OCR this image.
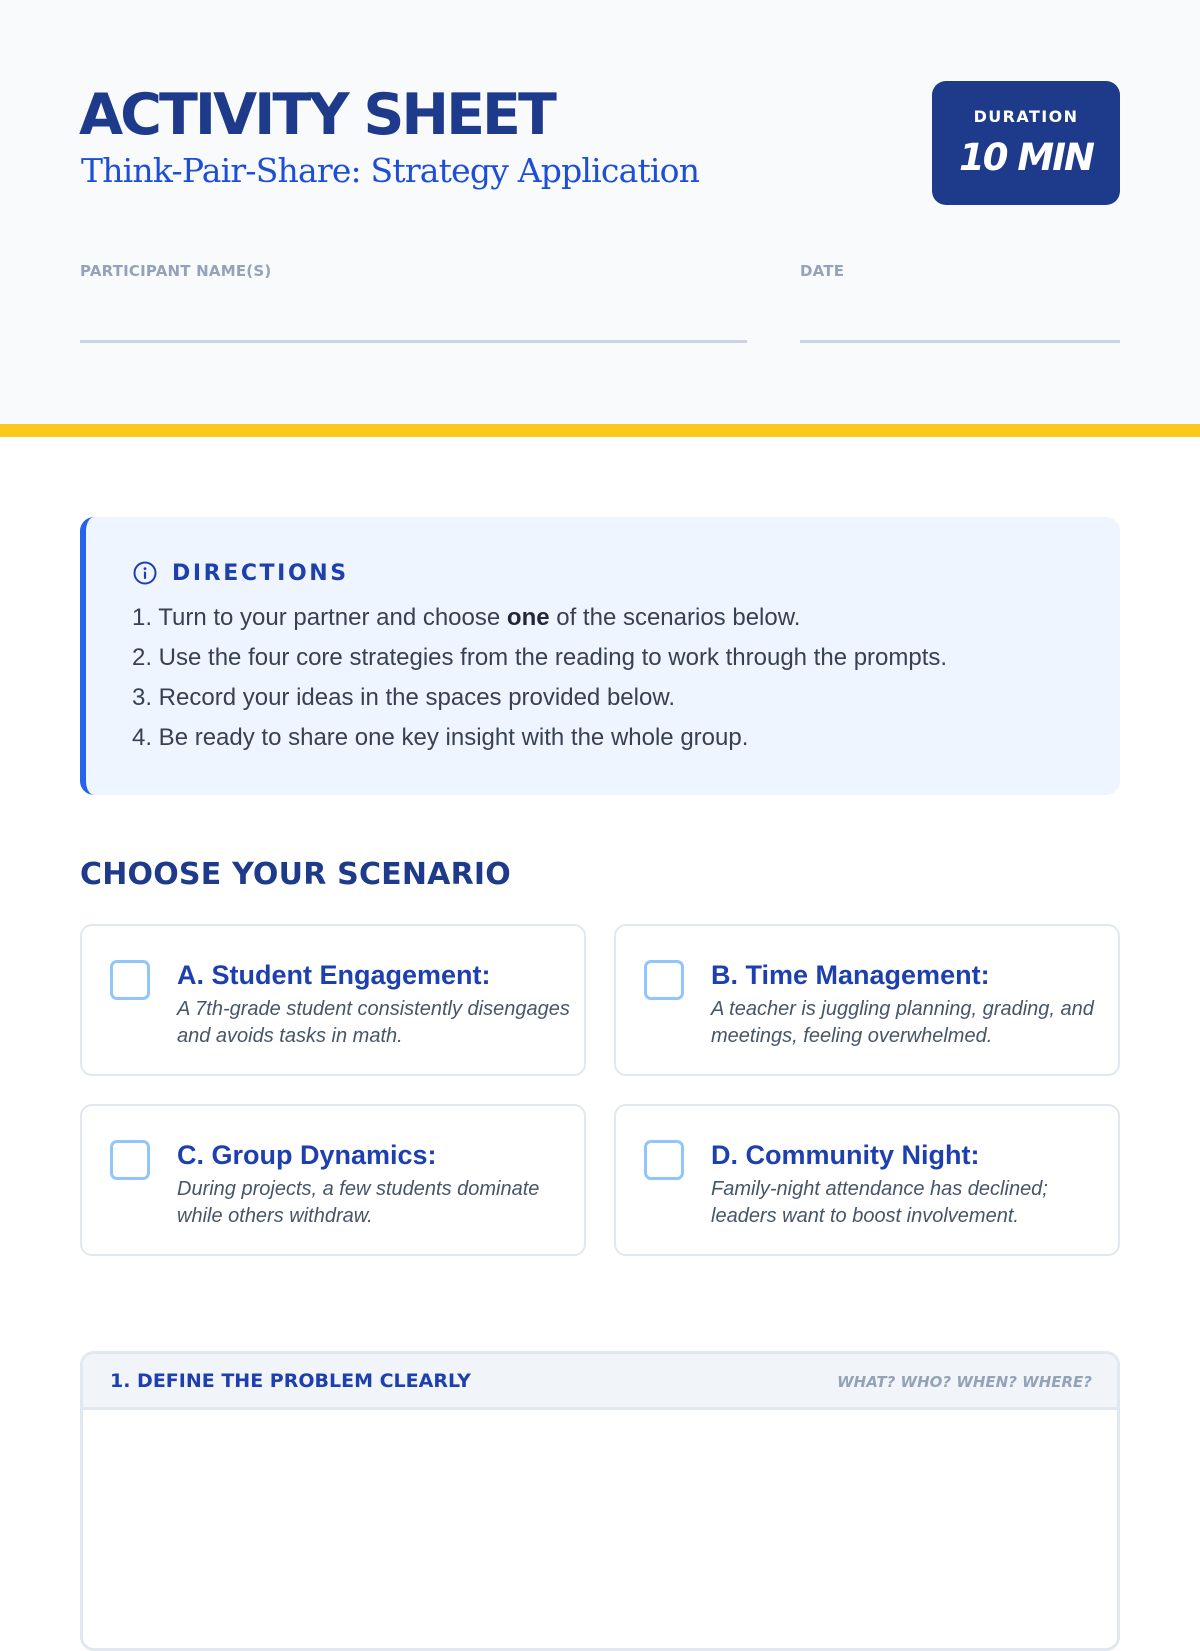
ACTIVITY SHEET
Think-Pair-Share: Strategy Application
DURATION
10 MIN
PARTICIPANT NAME(S)	DATE
DIRECTIONS
1. Turn to your partner and choose one of the scenarios below.
2. Use the four core strategies from the reading to work through the prompts.
3. Record your ideas in the spaces provided below.
4. Be ready to share one key insight with the whole group.
CHOOSE YOUR SCENARIO
A. Student Engagement:
A 7th-grade student consistently disengages and avoids tasks in math.
B. Time Management:
A teacher is juggling planning, grading, and meetings, feeling overwhelmed.
C. Group Dynamics:
During projects, a few students dominate while others withdraw.
D. Community Night:
Family-night attendance has declined; leaders want to boost involvement.
1. DEFINE THE PROBLEM CLEARLY	WHAT? WHO? WHEN? WHERE?
